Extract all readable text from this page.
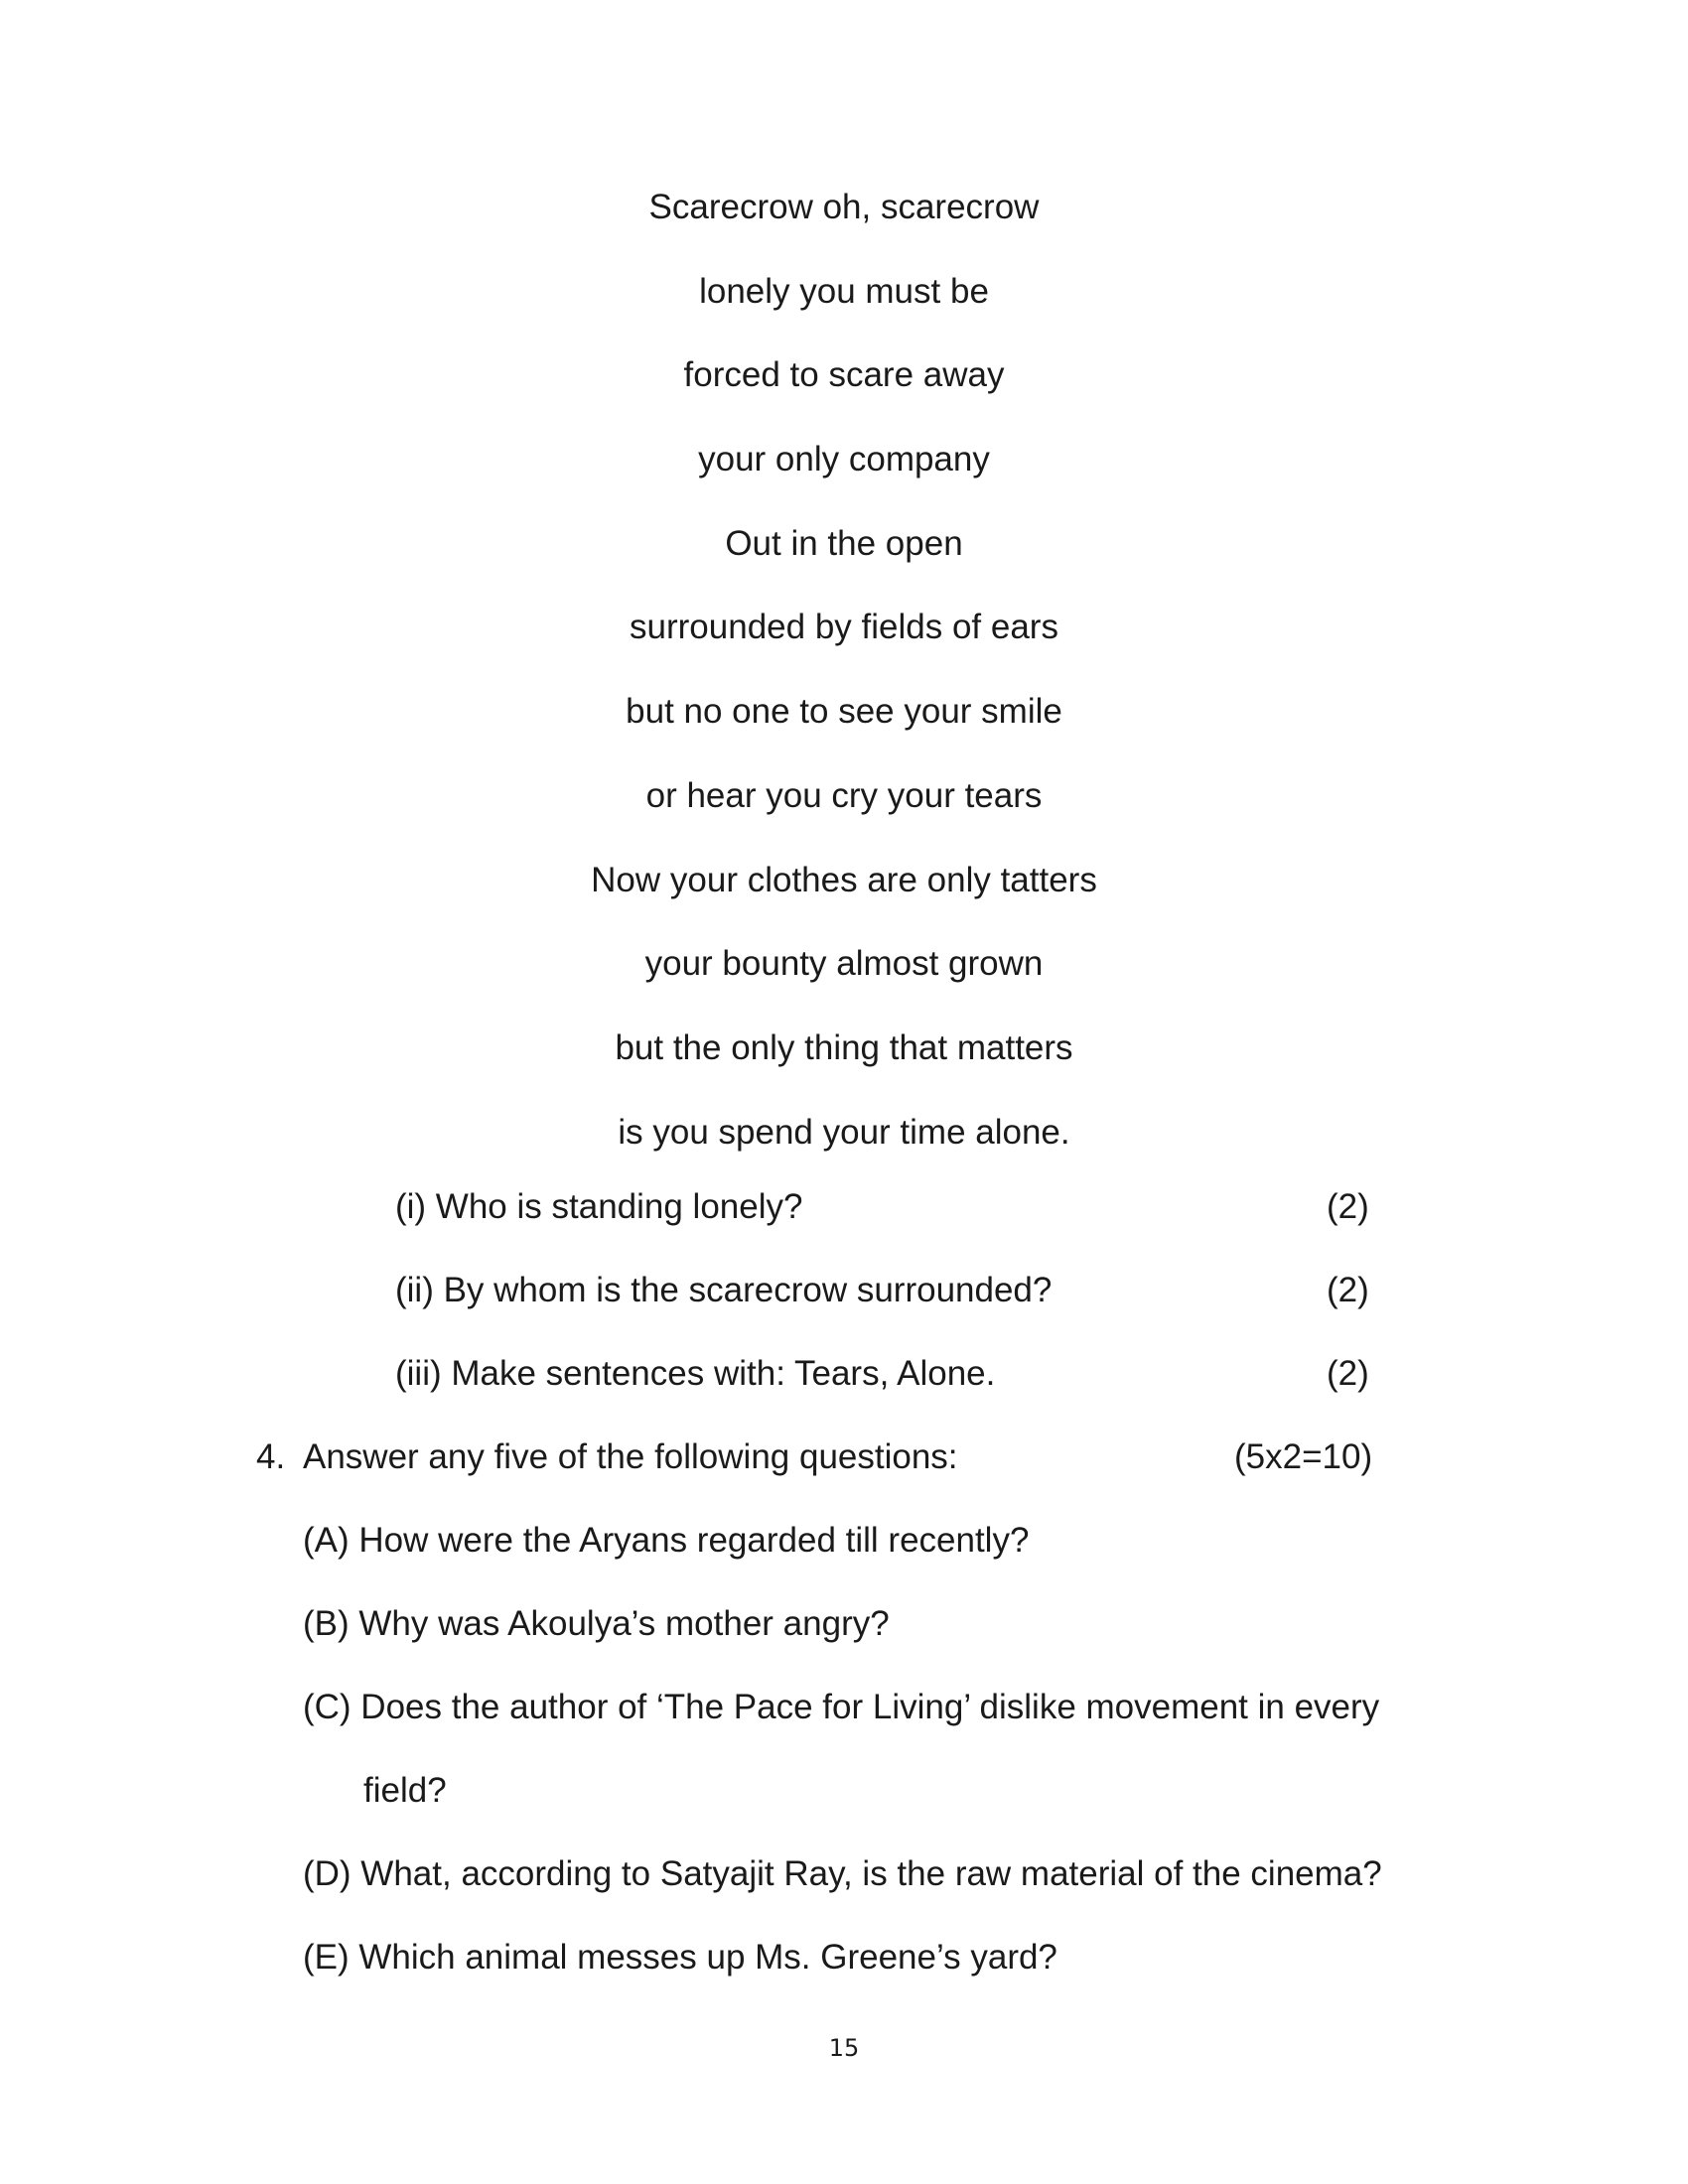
Scarecrow oh, scarecrow
lonely you must be
forced to scare away
your only company
Out in the open
surrounded by fields of ears
but no one to see your smile
or hear you cry your tears
Now your clothes are only tatters
your bounty almost grown
but the only thing that matters
is you spend your time alone.
(i) Who is standing lonely?	(2)
(ii) By whom is the scarecrow surrounded?	(2)
(iii) Make sentences with: Tears, Alone.	(2)
4. Answer any five of the following questions:	(5x2=10)
(A) How were the Aryans regarded till recently?
(B) Why was Akoulya’s mother angry?
(C) Does the author of ‘The Pace for Living’ dislike movement in every
field?
(D) What, according to Satyajit Ray, is the raw material of the cinema?
(E) Which animal messes up Ms. Greene’s yard?
15
